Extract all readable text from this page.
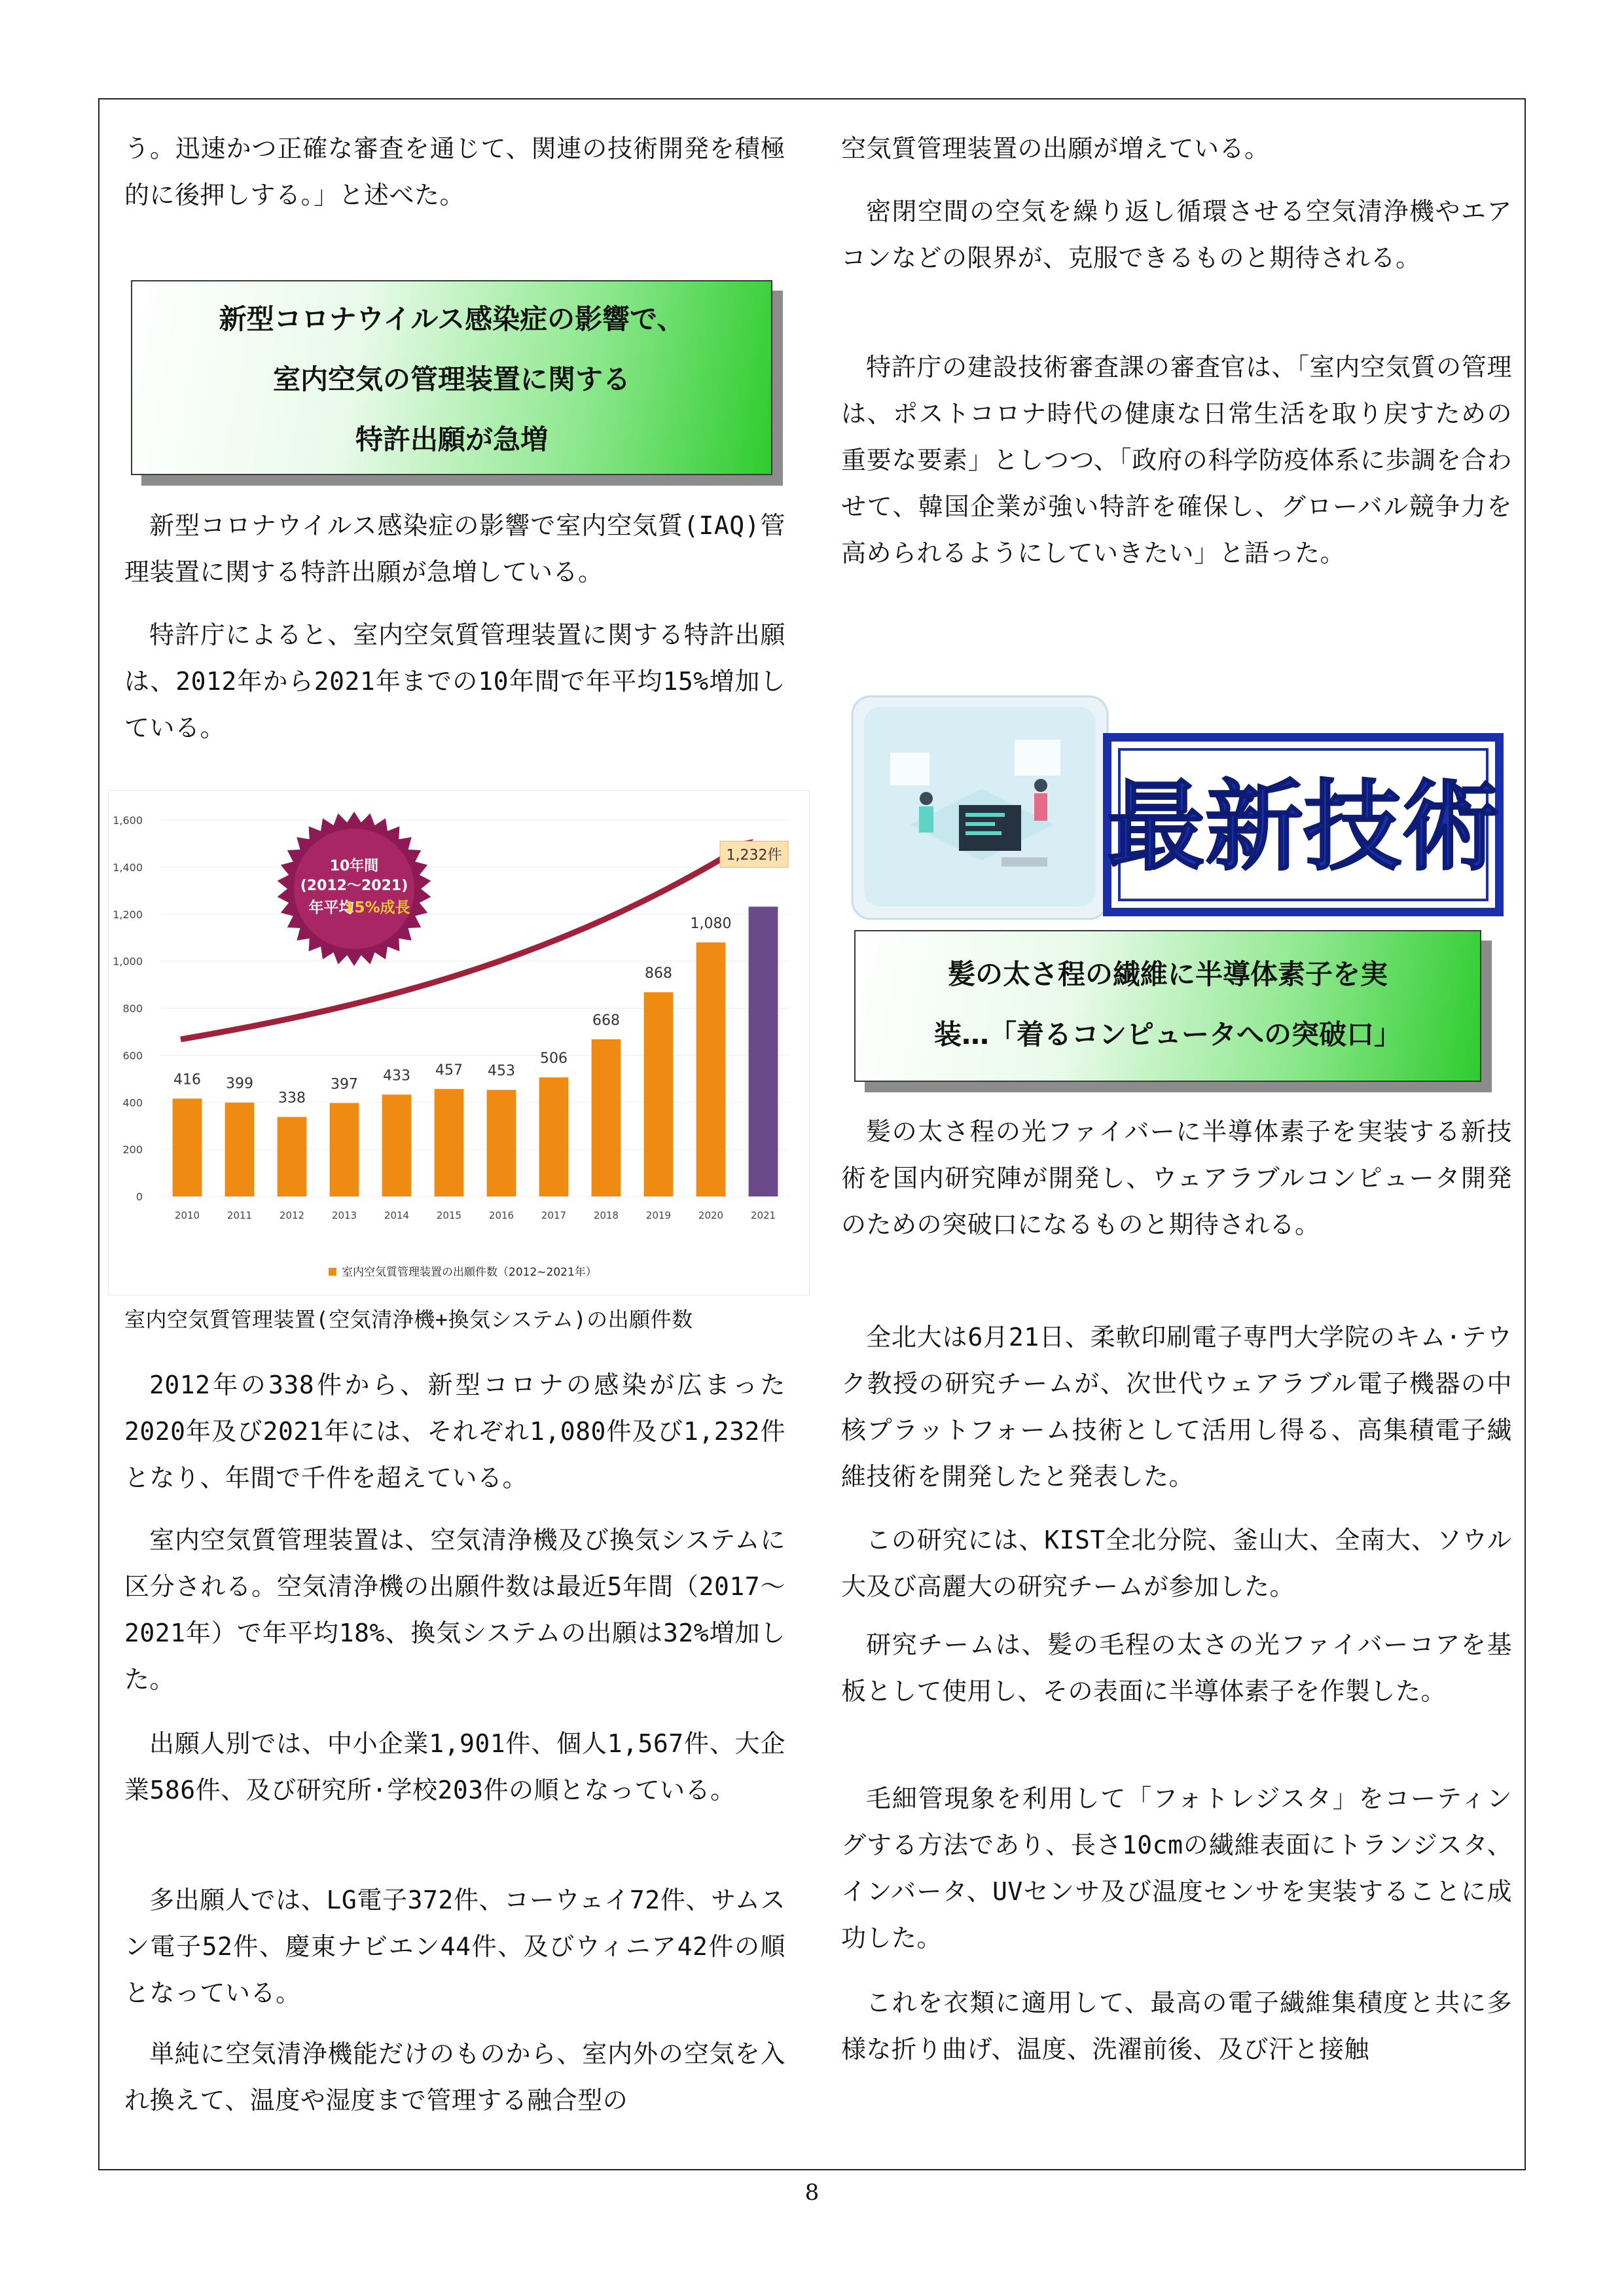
う。迅速かつ正確な審査を通じて、関連の技術開発を積極的に後押しする。」と述べた。

新型コロナウイルス感染症の影響で、
室内空気の管理装置に関する
特許出願が急増

新型コロナウイルス感染症の影響で室内空気質(IAQ)管理装置に関する特許出願が急増している。

特許庁によると、室内空気質管理装置に関する特許出願は、2012年から2021年までの10年間で年平均15%増加している。

0
200
400
600
800
1,000
1,200
1,400
1,600
10年間
(2012～2021)
年平均
15%成長
416
2010
399
2011
338
2012
397
2013
433
2014
457
2015
453
2016
506
2017
668
2018
868
2019
1,080
2020
1,232件
2021
室内空気質管理装置の出願件数（2012~2021年）

室内空気質管理装置(空気清浄機+換気システム)の出願件数

2012年の338件から、新型コロナの感染が広まった2020年及び2021年には、それぞれ1,080件及び1,232件となり、年間で千件を超えている。

室内空気質管理装置は、空気清浄機及び換気システムに区分される。空気清浄機の出願件数は最近5年間（2017～2021年）で年平均18%、換気システムの出願は32%増加した。

出願人別では、中小企業1,901件、個人1,567件、大企業586件、及び研究所·学校203件の順となっている。

多出願人では、LG電子372件、コーウェイ72件、サムスン電子52件、慶東ナビエン44件、及びウィニア42件の順となっている。

単純に空気清浄機能だけのものから、室内外の空気を入れ換えて、温度や湿度まで管理する融合型の

空気質管理装置の出願が増えている。

密閉空間の空気を繰り返し循環させる空気清浄機やエアコンなどの限界が、克服できるものと期待される。

特許庁の建設技術審査課の審査官は、「室内空気質の管理は、ポストコロナ時代の健康な日常生活を取り戻すための重要な要素」としつつ、「政府の科学防疫体系に歩調を合わせて、韓国企業が強い特許を確保し、グローバル競争力を高められるようにしていきたい」と語った。

最新技術
髪の太さ程の繊維に半導体素子を実
装…「着るコンピュータへの突破口」

髪の太さ程の光ファイバーに半導体素子を実装する新技術を国内研究陣が開発し、ウェアラブルコンピュータ開発のための突破口になるものと期待される。

全北大は6月21日、柔軟印刷電子専門大学院のキム·テウク教授の研究チームが、次世代ウェアラブル電子機器の中核プラットフォーム技術として活用し得る、高集積電子繊維技術を開発したと発表した。

この研究には、KIST全北分院、釜山大、全南大、ソウル大及び高麗大の研究チームが参加した。

研究チームは、髪の毛程の太さの光ファイバーコアを基板として使用し、その表面に半導体素子を作製した。

毛細管現象を利用して「フォトレジスタ」をコーティングする方法であり、長さ10cmの繊維表面にトランジスタ、インバータ、UVセンサ及び温度センサを実装することに成功した。

これを衣類に適用して、最高の電子繊維集積度と共に多様な折り曲げ、温度、洗濯前後、及び汗と接触

8
